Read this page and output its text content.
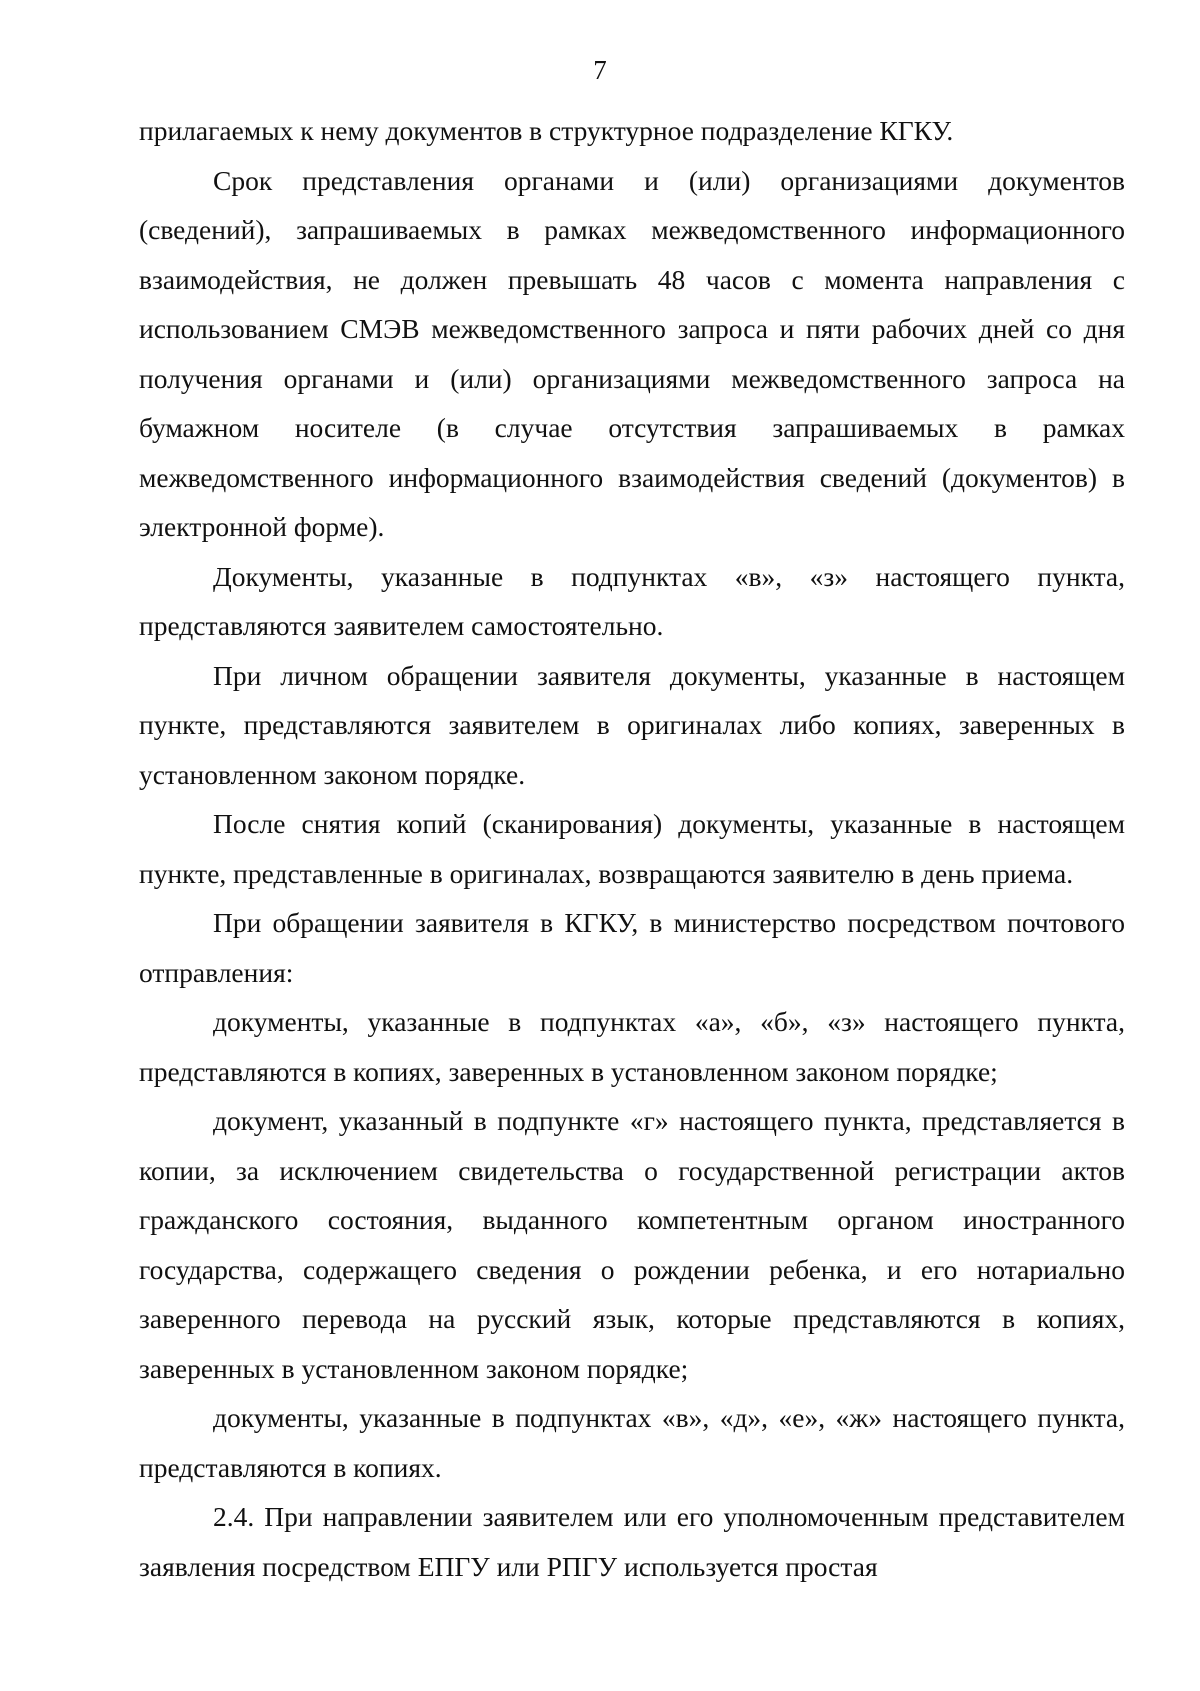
7

прилагаемых к нему документов в структурное подразделение КГКУ.

Срок представления органами и (или) организациями документов (сведений), запрашиваемых в рамках межведомственного информационного взаимодействия, не должен превышать 48 часов с момента направления с использованием СМЭВ межведомственного запроса и пяти рабочих дней со дня получения органами и (или) организациями межведомственного запроса на бумажном носителе (в случае отсутствия запрашиваемых в рамках межведомственного информационного взаимодействия сведений (документов) в электронной форме).

Документы, указанные в подпунктах «в», «з» настоящего пункта, представляются заявителем самостоятельно.

При личном обращении заявителя документы, указанные в настоящем пункте, представляются заявителем в оригиналах либо копиях, заверенных в установленном законом порядке.

После снятия копий (сканирования) документы, указанные в настоящем пункте, представленные в оригиналах, возвращаются заявителю в день приема.

При обращении заявителя в КГКУ, в министерство посредством почтового отправления:

документы, указанные в подпунктах «а», «б», «з» настоящего пункта, представляются в копиях, заверенных в установленном законом порядке;

документ, указанный в подпункте «г» настоящего пункта, представляется в копии, за исключением свидетельства о государственной регистрации актов гражданского состояния, выданного компетентным органом иностранного государства, содержащего сведения о рождении ребенка, и его нотариально заверенного перевода на русский язык, которые представляются в копиях, заверенных в установленном законом порядке;

документы, указанные в подпунктах «в», «д», «е», «ж» настоящего пункта, представляются в копиях.

2.4. При направлении заявителем или его уполномоченным представителем заявления посредством ЕПГУ или РПГУ используется простая
